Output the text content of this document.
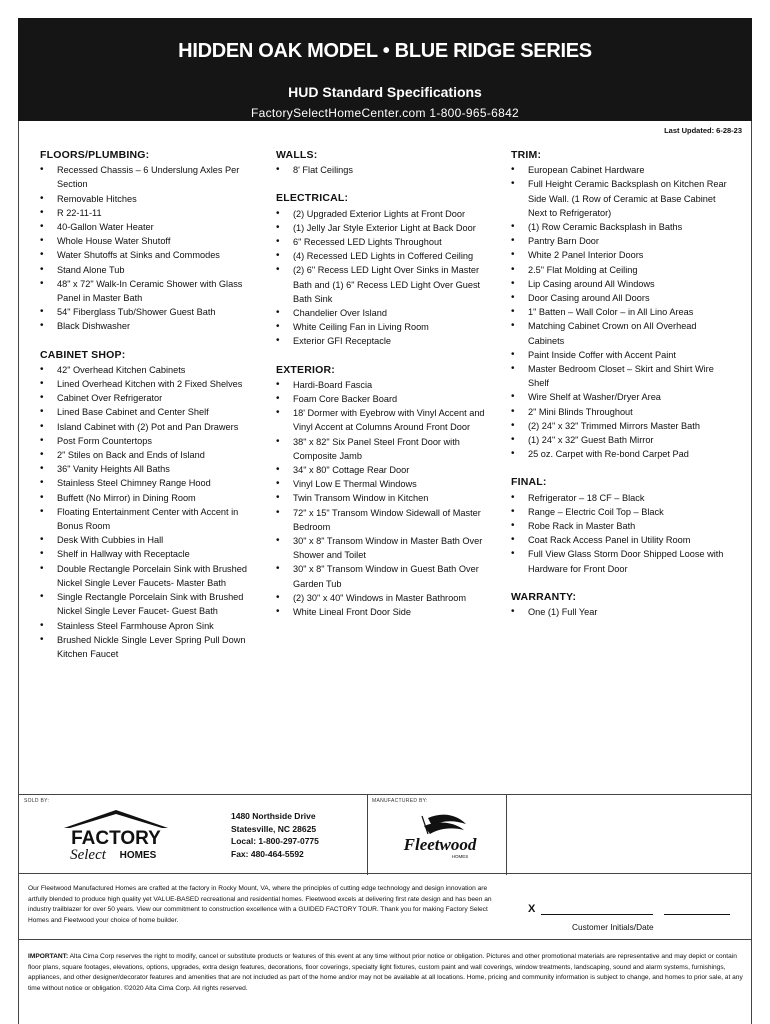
HIDDEN OAK MODEL • BLUE RIDGE SERIES
HUD Standard Specifications
FactorySelectHomeCenter.com 1-800-965-6842
Last Updated: 6-28-23
FLOORS/PLUMBING:
• Recessed Chassis – 6 Underslung Axles Per Section
• Removable Hitches
• R 22-11-11
• 40-Gallon Water Heater
• Whole House Water Shutoff
• Water Shutoffs at Sinks and Commodes
• Stand Alone Tub
• 48" x 72" Walk-In Ceramic Shower with Glass Panel in Master Bath
• 54" Fiberglass Tub/Shower Guest Bath
• Black Dishwasher
CABINET SHOP:
• 42" Overhead Kitchen Cabinets
• Lined Overhead Kitchen with 2 Fixed Shelves
• Cabinet Over Refrigerator
• Lined Base Cabinet and Center Shelf
• Island Cabinet with (2) Pot and Pan Drawers
• Post Form Countertops
• 2" Stiles on Back and Ends of Island
• 36" Vanity Heights All Baths
• Stainless Steel Chimney Range Hood
• Buffett (No Mirror) in Dining Room
• Floating Entertainment Center with Accent in Bonus Room
• Desk With Cubbies in Hall
• Shelf in Hallway with Receptacle
• Double Rectangle Porcelain Sink with Brushed Nickel Single Lever Faucets- Master Bath
• Single Rectangle Porcelain Sink with Brushed Nickel Single Lever Faucet- Guest Bath
• Stainless Steel Farmhouse Apron Sink
• Brushed Nickle Single Lever Spring Pull Down Kitchen Faucet
WALLS:
• 8' Flat Ceilings
ELECTRICAL:
• (2) Upgraded Exterior Lights at Front Door
• (1) Jelly Jar Style Exterior Light at Back Door
• 6" Recessed LED Lights Throughout
• (4) Recessed LED Lights in Coffered Ceiling
• (2) 6" Recess LED Light Over Sinks in Master Bath and (1) 6" Recess LED Light Over Guest Bath Sink
• Chandelier Over Island
• White Ceiling Fan in Living Room
• Exterior GFI Receptacle
EXTERIOR:
• Hardi-Board Fascia
• Foam Core Backer Board
• 18' Dormer with Eyebrow with Vinyl Accent and Vinyl Accent at Columns Around Front Door
• 38" x 82" Six Panel Steel Front Door with Composite Jamb
• 34" x 80" Cottage Rear Door
• Vinyl Low E Thermal Windows
• Twin Transom Window in Kitchen
• 72" x 15" Transom Window Sidewall of Master Bedroom
• 30" x 8" Transom Window in Master Bath Over Shower and Toilet
• 30" x 8" Transom Window in Guest Bath Over Garden Tub
• (2) 30" x 40" Windows in Master Bathroom
• White Lineal Front Door Side
TRIM:
• European Cabinet Hardware
• Full Height Ceramic Backsplash on Kitchen Rear Side Wall. (1 Row of Ceramic at Base Cabinet Next to Refrigerator)
• (1) Row Ceramic Backsplash in Baths
• Pantry Barn Door
• White 2 Panel Interior Doors
• 2.5" Flat Molding at Ceiling
• Lip Casing around All Windows
• Door Casing around All Doors
• 1" Batten – Wall Color – in All Lino Areas
• Matching Cabinet Crown on All Overhead Cabinets
• Paint Inside Coffer with Accent Paint
• Master Bedroom Closet – Skirt and Shirt Wire Shelf
• Wire Shelf at Washer/Dryer Area
• 2" Mini Blinds Throughout
• (2) 24" x 32" Trimmed Mirrors Master Bath
• (1) 24" x 32" Guest Bath Mirror
• 25 oz. Carpet with Re-bond Carpet Pad
FINAL:
• Refrigerator – 18 CF – Black
• Range – Electric Coil Top – Black
• Robe Rack in Master Bath
• Coat Rack Access Panel in Utility Room
• Full View Glass Storm Door Shipped Loose with Hardware for Front Door
WARRANTY:
• One (1) Full Year
SOLD BY:	MANUFACTURED BY:
FACTORY
Select HOMES
1480 Northside Drive
Statesville, NC 28625
Local: 1-800-297-0775
Fax: 480-464-5592	Fleetwood
HOMES
Our Fleetwood Manufactured Homes are crafted at the factory in Rocky Mount, VA, where the principles of cutting edge technology and design innovation are artfully blended to produce high quality yet VALUE-BASED recreational and residential homes. Fleetwood excels at delivering first rate design and has been an industry trailblazer for over 50 years. View our commitment to construction excellence with a GUIDED FACTORY TOUR. Thank you for making Factory Select Homes and Fleetwood your choice of home builder.
X
Customer Initials/Date
IMPORTANT: Alta Cima Corp reserves the right to modify, cancel or substitute products or features of this event at any time without prior notice or obligation. Pictures and other promotional materials are representative and may depict or contain floor plans, square footages, elevations, options, upgrades, extra design features, decorations, floor coverings, specialty light fixtures, custom paint and wall coverings, window treatments, landscaping, sound and alarm systems, furnishings, appliances, and other designer/decorator features and amenities that are not included as part of the home and/or may not be available at all locations. Home, pricing and community information is subject to change, and homes to prior sale, at any time without notice or obligation. ©2020 Alta Cima Corp. All rights reserved.
